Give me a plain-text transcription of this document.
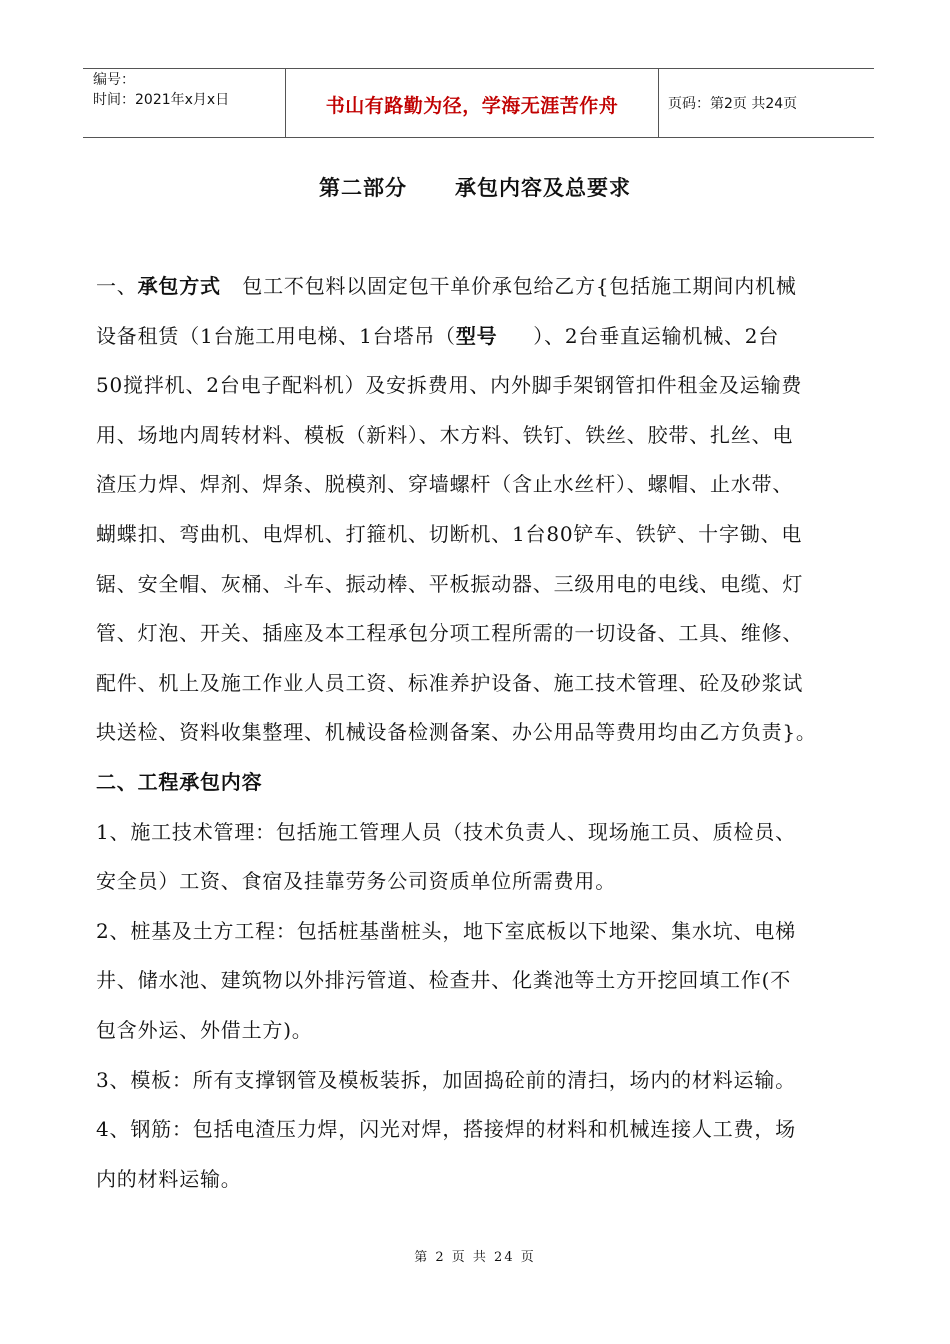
编号：
时间：2021年x月x日	书山有路勤为径，学海无涯苦作舟	页码：第2页 共24页
第二部分 承包内容及总要求
一、承包方式 包工不包料以固定包干单价承包给乙方{包括施工期间内机械
设备租赁（1台施工用电梯、1台塔吊（型号 ）、2台垂直运输机械、2台
50搅拌机、2台电子配料机）及安拆费用、内外脚手架钢管扣件租金及运输费
用、场地内周转材料、模板（新料）、木方料、铁钉、铁丝、胶带、扎丝、电
渣压力焊、焊剂、焊条、脱模剂、穿墙螺杆（含止水丝杆）、螺帽、止水带、
蝴蝶扣、弯曲机、电焊机、打箍机、切断机、1台80铲车、铁铲、十字锄、电
锯、安全帽、灰桶、斗车、振动棒、平板振动器、三级用电的电线、电缆、灯
管、灯泡、开关、插座及本工程承包分项工程所需的一切设备、工具、维修、
配件、机上及施工作业人员工资、标准养护设备、施工技术管理、砼及砂浆试
块送检、资料收集整理、机械设备检测备案、办公用品等费用均由乙方负责}。
二、工程承包内容
1、施工技术管理：包括施工管理人员（技术负责人、现场施工员、质检员、
安全员）工资、食宿及挂靠劳务公司资质单位所需费用。
2、桩基及土方工程：包括桩基凿桩头，地下室底板以下地梁、集水坑、电梯
井、储水池、建筑物以外排污管道、检查井、化粪池等土方开挖回填工作(不
包含外运、外借土方)。
3、模板：所有支撑钢管及模板装拆，加固捣砼前的清扫，场内的材料运输。
4、钢筋：包括电渣压力焊，闪光对焊，搭接焊的材料和机械连接人工费，场
内的材料运输。
第 2 页 共 24 页
